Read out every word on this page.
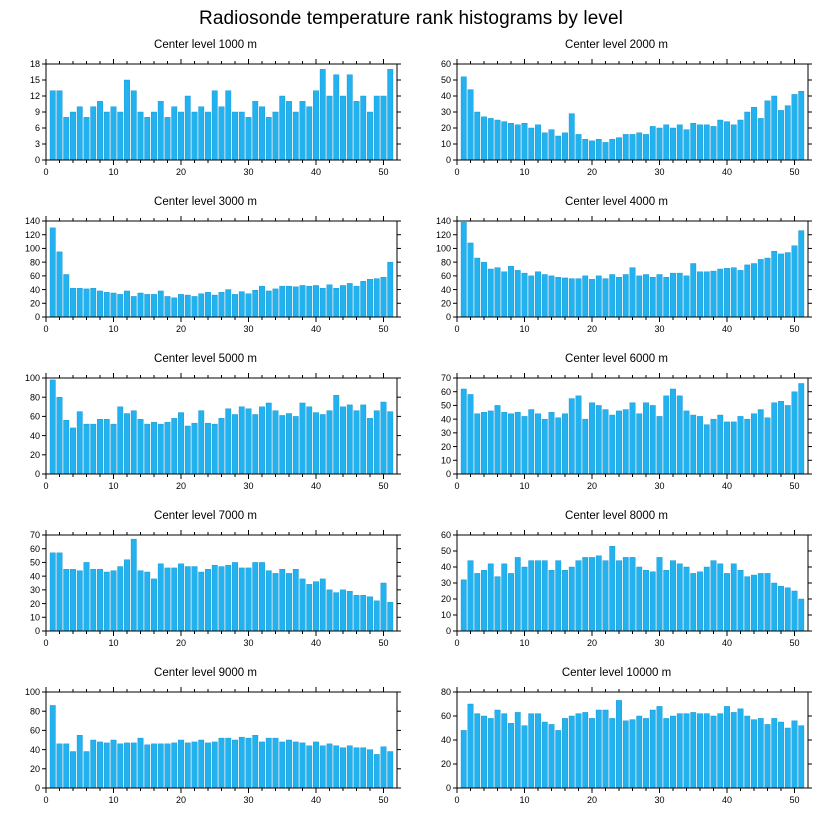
Radiosonde temperature rank histograms by level
Center level 1000 m
0
3
6
9
12
15
18
0	10	20	30	40	50
Center level 2000 m
0
10
20
30
40
50
60
0	10	20	30	40	50
Center level 3000 m
0
20
40
60
80
100
120
140
0	10	20	30	40	50
Center level 4000 m
0
20
40
60
80
100
120
140
0	10	20	30	40	50
Center level 5000 m
0
20
40
60
80
100
0	10	20	30	40	50
Center level 6000 m
0
10
20
30
40
50
60
70
0	10	20	30	40	50
Center level 7000 m
0
10
20
30
40
50
60
70
0	10	20	30	40	50
Center level 8000 m
0
10
20
30
40
50
60
0	10	20	30	40	50
Center level 9000 m
0
20
40
60
80
100
0	10	20	30	40	50
Center level 10000 m
0
20
40
60
80
0	10	20	30	40	50
